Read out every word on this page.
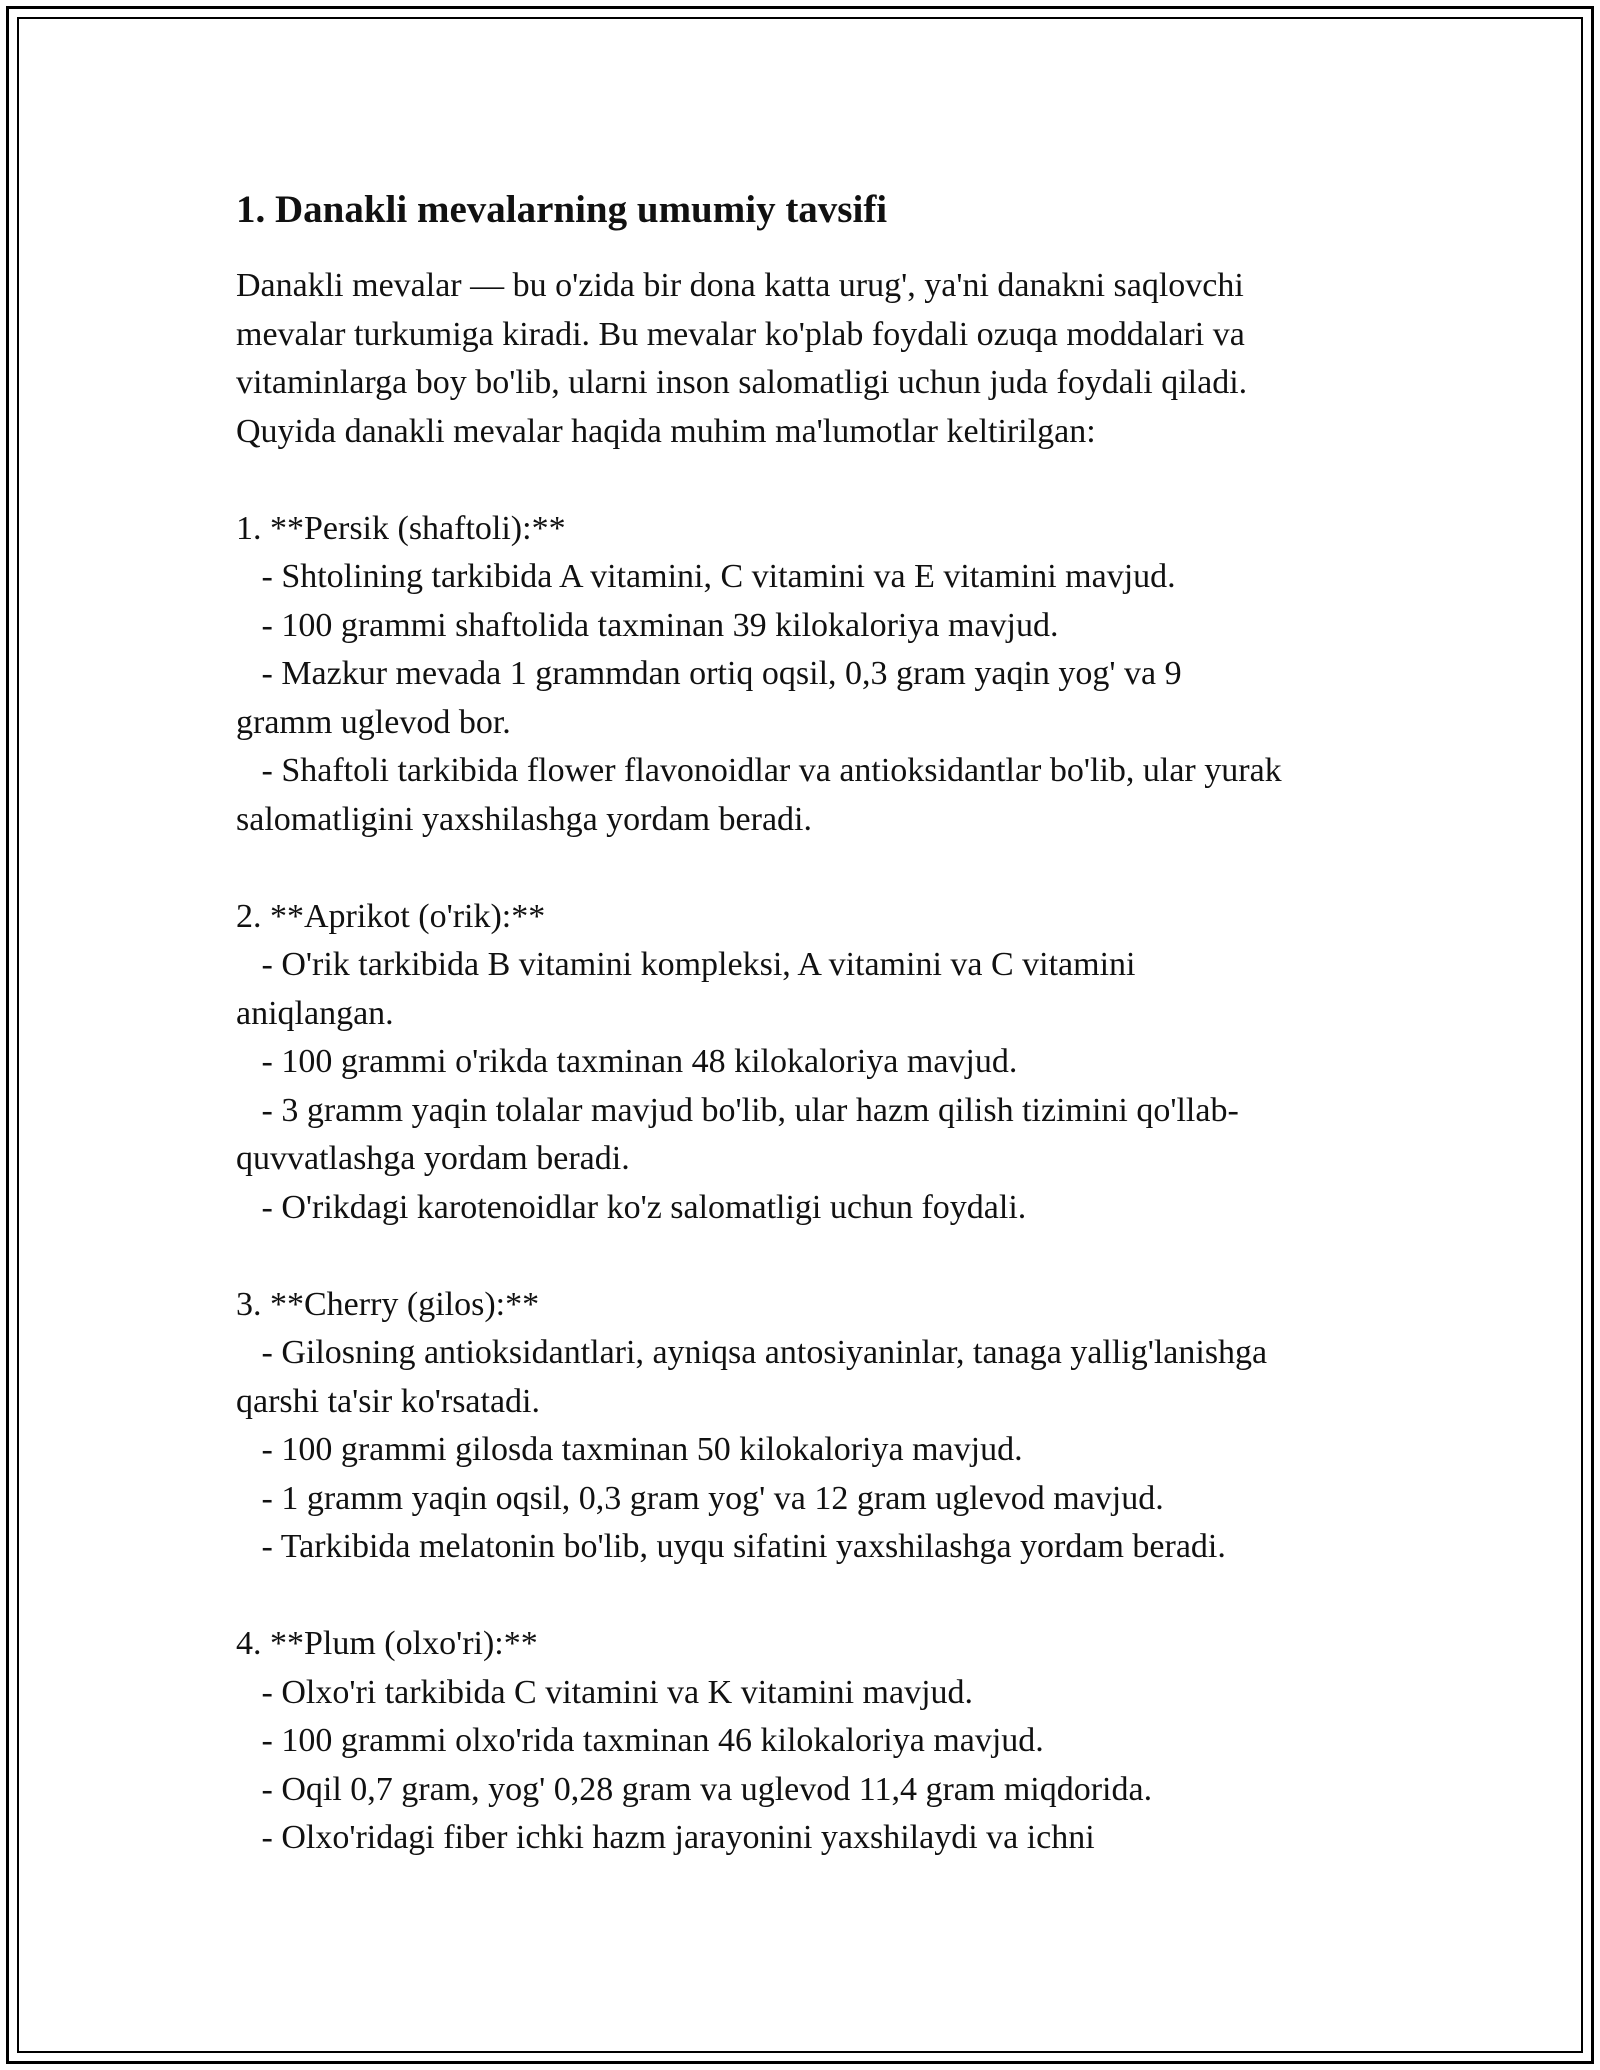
1. Danakli mevalarning umumiy tavsifi

Danakli mevalar — bu o'zida bir dona katta urug', ya'ni danakni saqlovchi

mevalar turkumiga kiradi. Bu mevalar ko'plab foydali ozuqa moddalari va

vitaminlarga boy bo'lib, ularni inson salomatligi uchun juda foydali qiladi.

Quyida danakli mevalar haqida muhim ma'lumotlar keltirilgan:

1. **Persik (shaftoli):**

- Shtolining tarkibida A vitamini, C vitamini va E vitamini mavjud.

- 100 grammi shaftolida taxminan 39 kilokaloriya mavjud.

- Mazkur mevada 1 grammdan ortiq oqsil, 0,3 gram yaqin yog' va 9

gramm uglevod bor.

- Shaftoli tarkibida flower flavonoidlar va antioksidantlar bo'lib, ular yurak

salomatligini yaxshilashga yordam beradi.

2. **Aprikot (o'rik):**

- O'rik tarkibida B vitamini kompleksi, A vitamini va C vitamini

aniqlangan.

- 100 grammi o'rikda taxminan 48 kilokaloriya mavjud.

- 3 gramm yaqin tolalar mavjud bo'lib, ular hazm qilish tizimini qo'llab-

quvvatlashga yordam beradi.

- O'rikdagi karotenoidlar ko'z salomatligi uchun foydali.

3. **Cherry (gilos):**

- Gilosning antioksidantlari, ayniqsa antosiyaninlar, tanaga yallig'lanishga

qarshi ta'sir ko'rsatadi.

- 100 grammi gilosda taxminan 50 kilokaloriya mavjud.

- 1 gramm yaqin oqsil, 0,3 gram yog' va 12 gram uglevod mavjud.

- Tarkibida melatonin bo'lib, uyqu sifatini yaxshilashga yordam beradi.

4. **Plum (olxo'ri):**

- Olxo'ri tarkibida C vitamini va K vitamini mavjud.

- 100 grammi olxo'rida taxminan 46 kilokaloriya mavjud.

- Oqil 0,7 gram, yog' 0,28 gram va uglevod 11,4 gram miqdorida.

- Olxo'ridagi fiber ichki hazm jarayonini yaxshilaydi va ichni
